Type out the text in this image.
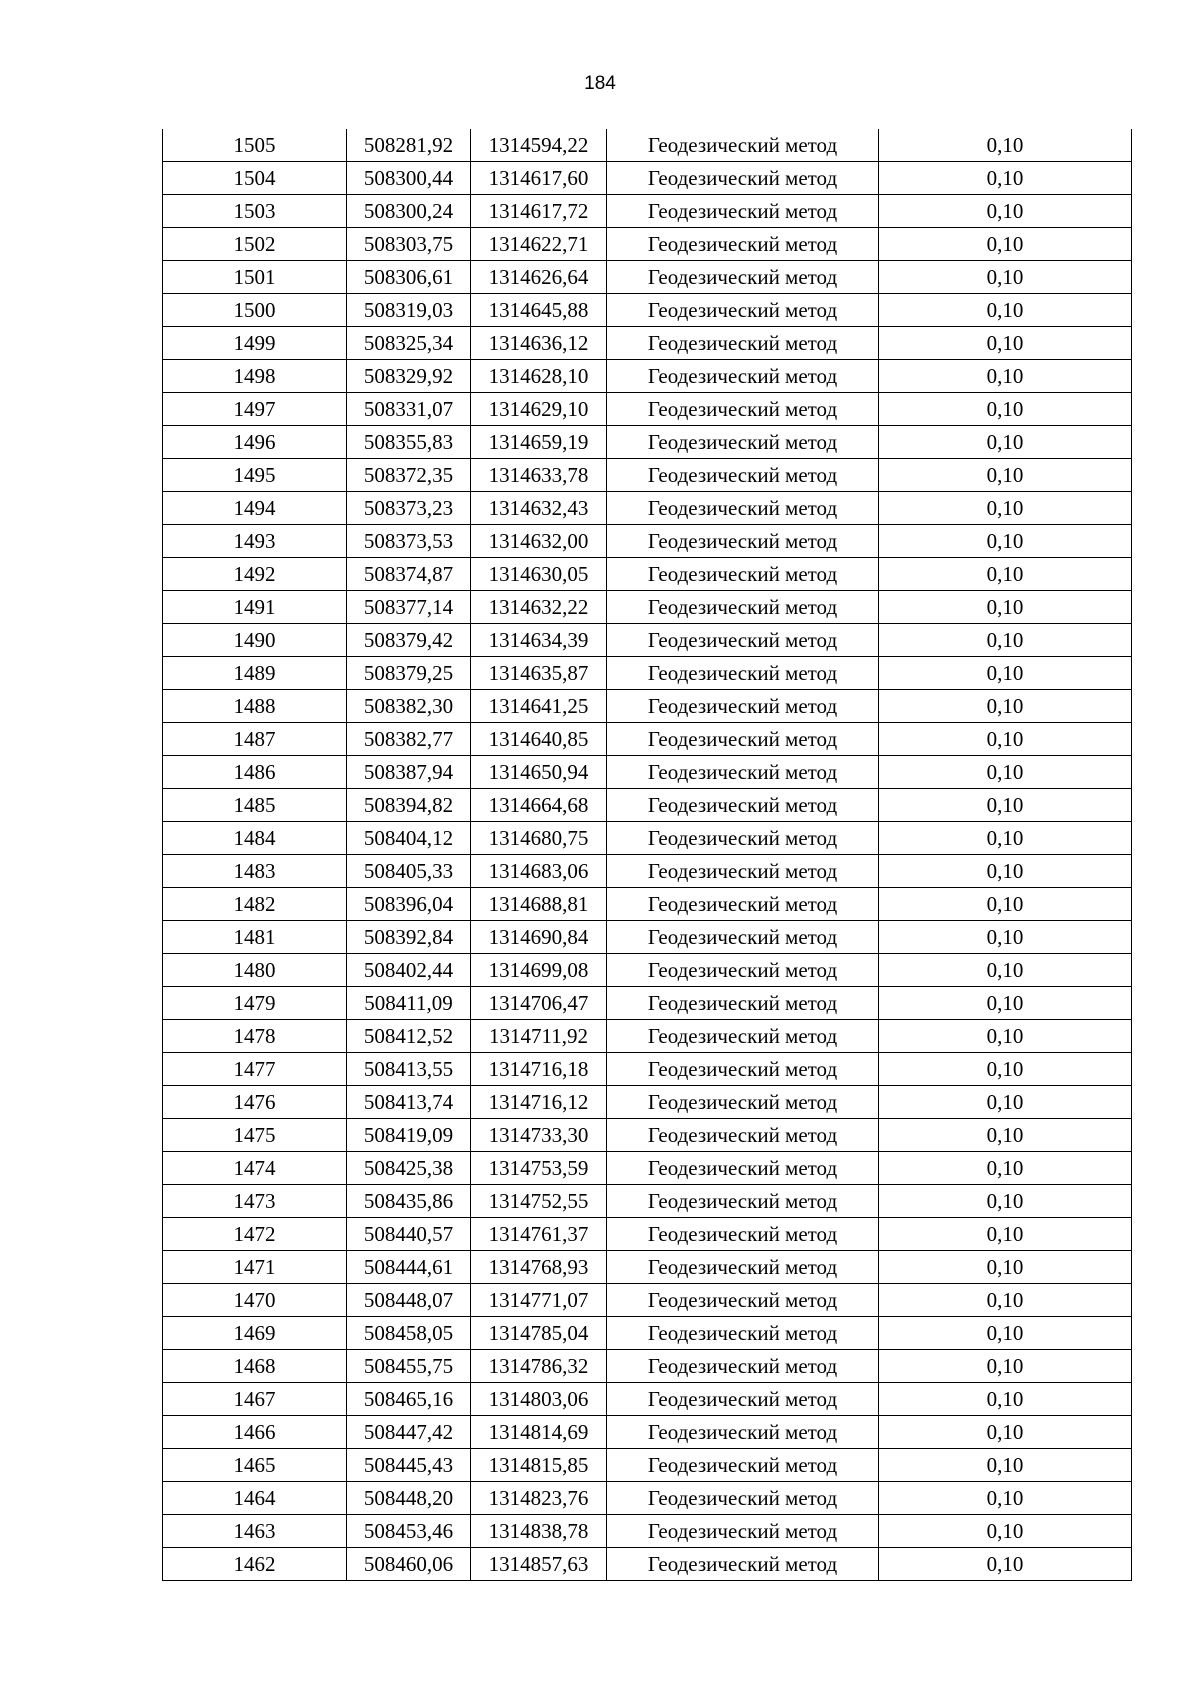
184
1505	508281,92	1314594,22	Геодезический метод	0,10
1504	508300,44	1314617,60	Геодезический метод	0,10
1503	508300,24	1314617,72	Геодезический метод	0,10
1502	508303,75	1314622,71	Геодезический метод	0,10
1501	508306,61	1314626,64	Геодезический метод	0,10
1500	508319,03	1314645,88	Геодезический метод	0,10
1499	508325,34	1314636,12	Геодезический метод	0,10
1498	508329,92	1314628,10	Геодезический метод	0,10
1497	508331,07	1314629,10	Геодезический метод	0,10
1496	508355,83	1314659,19	Геодезический метод	0,10
1495	508372,35	1314633,78	Геодезический метод	0,10
1494	508373,23	1314632,43	Геодезический метод	0,10
1493	508373,53	1314632,00	Геодезический метод	0,10
1492	508374,87	1314630,05	Геодезический метод	0,10
1491	508377,14	1314632,22	Геодезический метод	0,10
1490	508379,42	1314634,39	Геодезический метод	0,10
1489	508379,25	1314635,87	Геодезический метод	0,10
1488	508382,30	1314641,25	Геодезический метод	0,10
1487	508382,77	1314640,85	Геодезический метод	0,10
1486	508387,94	1314650,94	Геодезический метод	0,10
1485	508394,82	1314664,68	Геодезический метод	0,10
1484	508404,12	1314680,75	Геодезический метод	0,10
1483	508405,33	1314683,06	Геодезический метод	0,10
1482	508396,04	1314688,81	Геодезический метод	0,10
1481	508392,84	1314690,84	Геодезический метод	0,10
1480	508402,44	1314699,08	Геодезический метод	0,10
1479	508411,09	1314706,47	Геодезический метод	0,10
1478	508412,52	1314711,92	Геодезический метод	0,10
1477	508413,55	1314716,18	Геодезический метод	0,10
1476	508413,74	1314716,12	Геодезический метод	0,10
1475	508419,09	1314733,30	Геодезический метод	0,10
1474	508425,38	1314753,59	Геодезический метод	0,10
1473	508435,86	1314752,55	Геодезический метод	0,10
1472	508440,57	1314761,37	Геодезический метод	0,10
1471	508444,61	1314768,93	Геодезический метод	0,10
1470	508448,07	1314771,07	Геодезический метод	0,10
1469	508458,05	1314785,04	Геодезический метод	0,10
1468	508455,75	1314786,32	Геодезический метод	0,10
1467	508465,16	1314803,06	Геодезический метод	0,10
1466	508447,42	1314814,69	Геодезический метод	0,10
1465	508445,43	1314815,85	Геодезический метод	0,10
1464	508448,20	1314823,76	Геодезический метод	0,10
1463	508453,46	1314838,78	Геодезический метод	0,10
1462	508460,06	1314857,63	Геодезический метод	0,10
